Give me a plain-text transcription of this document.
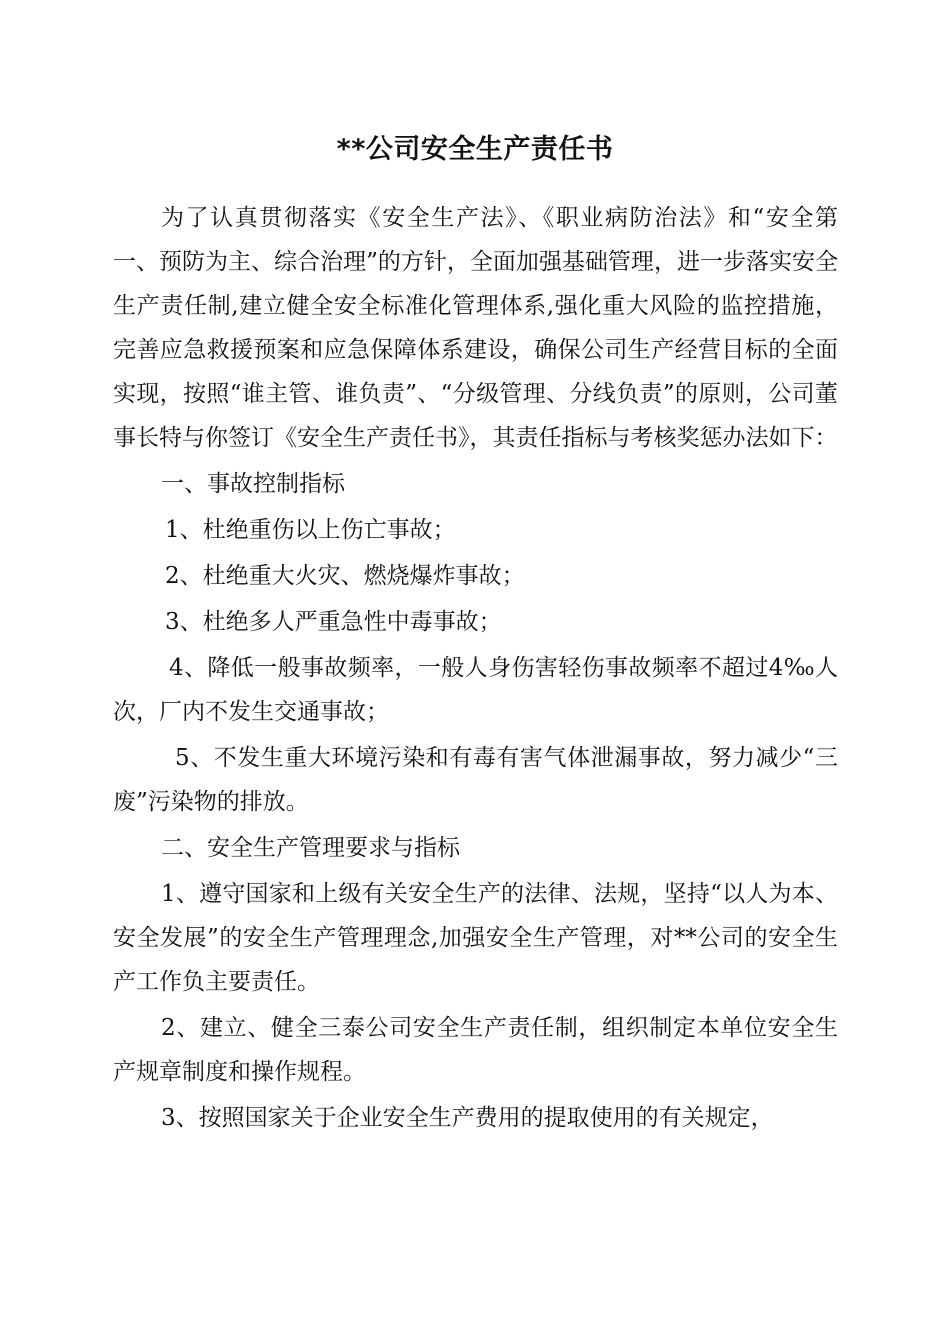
**公司安全生产责任书

为了认真贯彻落实《安全生产法》、《职业病防治法》和“安全第一、预防为主、综合治理”的方针，全面加强基础管理，进一步落实安全生产责任制,建立健全安全标准化管理体系,强化重大风险的监控措施，完善应急救援预案和应急保障体系建设，确保公司生产经营目标的全面实现，按照“谁主管、谁负责”、“分级管理、分线负责”的原则，公司董事长特与你签订《安全生产责任书》，其责任指标与考核奖惩办法如下：

一、事故控制指标

1、杜绝重伤以上伤亡事故；

2、杜绝重大火灾、燃烧爆炸事故；

3、杜绝多人严重急性中毒事故；

4、降低一般事故频率，一般人身伤害轻伤事故频率不超过4‰人次，厂内不发生交通事故；

5、不发生重大环境污染和有毒有害气体泄漏事故，努力减少“三废”污染物的排放。

二、安全生产管理要求与指标

1、遵守国家和上级有关安全生产的法律、法规，坚持“以人为本、安全发展”的安全生产管理理念,加强安全生产管理，对**公司的安全生产工作负主要责任。

2、建立、健全三泰公司安全生产责任制，组织制定本单位安全生产规章制度和操作规程。

3、按照国家关于企业安全生产费用的提取使用的有关规定，
